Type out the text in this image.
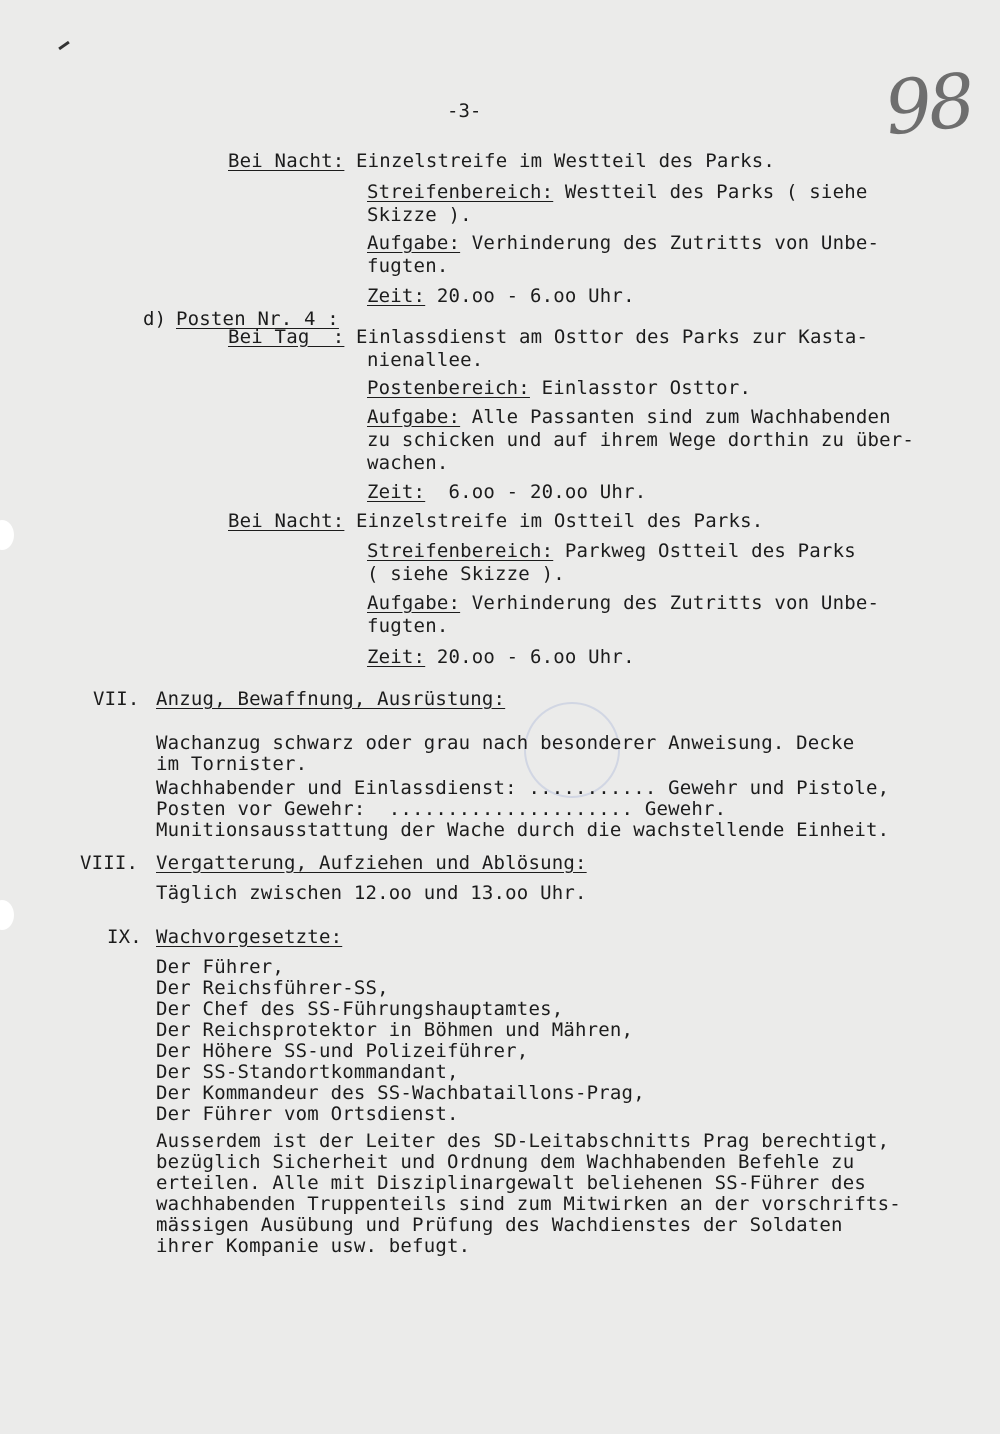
-3-	98
Bei Nacht: Einzelstreife im Westteil des Parks.
Streifenbereich: Westteil des Parks ( siehe
Skizze ).
Aufgabe: Verhinderung des Zutritts von Unbe-
fugten.
Zeit: 20.oo - 6.oo Uhr.
d)
Posten Nr. 4 :
Bei Tag  : Einlassdienst am Osttor des Parks zur Kasta-
nienallee.
Postenbereich: Einlasstor Osttor.
Aufgabe: Alle Passanten sind zum Wachhabenden
zu schicken und auf ihrem Wege dorthin zu über-
wachen.
Zeit:  6.oo - 20.oo Uhr.
Bei Nacht: Einzelstreife im Ostteil des Parks.
Streifenbereich: Parkweg Ostteil des Parks
( siehe Skizze ).
Aufgabe: Verhinderung des Zutritts von Unbe-
fugten.
Zeit: 20.oo - 6.oo Uhr.
VII. Anzug, Bewaffnung, Ausrüstung:
Wachanzug schwarz oder grau nach besonderer Anweisung. Decke
im Tornister.
Wachhabender und Einlassdienst: ........... Gewehr und Pistole,
Posten vor Gewehr:  ..................... Gewehr.
Munitionsausstattung der Wache durch die wachstellende Einheit.
VIII. Vergatterung, Aufziehen und Ablösung:
Täglich zwischen 12.oo und 13.oo Uhr.
IX. Wachvorgesetzte:
Der Führer,
Der Reichsführer-SS,
Der Chef des SS-Führungshauptamtes,
Der Reichsprotektor in Böhmen und Mähren,
Der Höhere SS-und Polizeiführer,
Der SS-Standortkommandant,
Der Kommandeur des SS-Wachbataillons-Prag,
Der Führer vom Ortsdienst.
Ausserdem ist der Leiter des SD-Leitabschnitts Prag berechtigt,
bezüglich Sicherheit und Ordnung dem Wachhabenden Befehle zu
erteilen. Alle mit Disziplinargewalt beliehenen SS-Führer des
wachhabenden Truppenteils sind zum Mitwirken an der vorschrifts-
mässigen Ausübung und Prüfung des Wachdienstes der Soldaten
ihrer Kompanie usw. befugt.
